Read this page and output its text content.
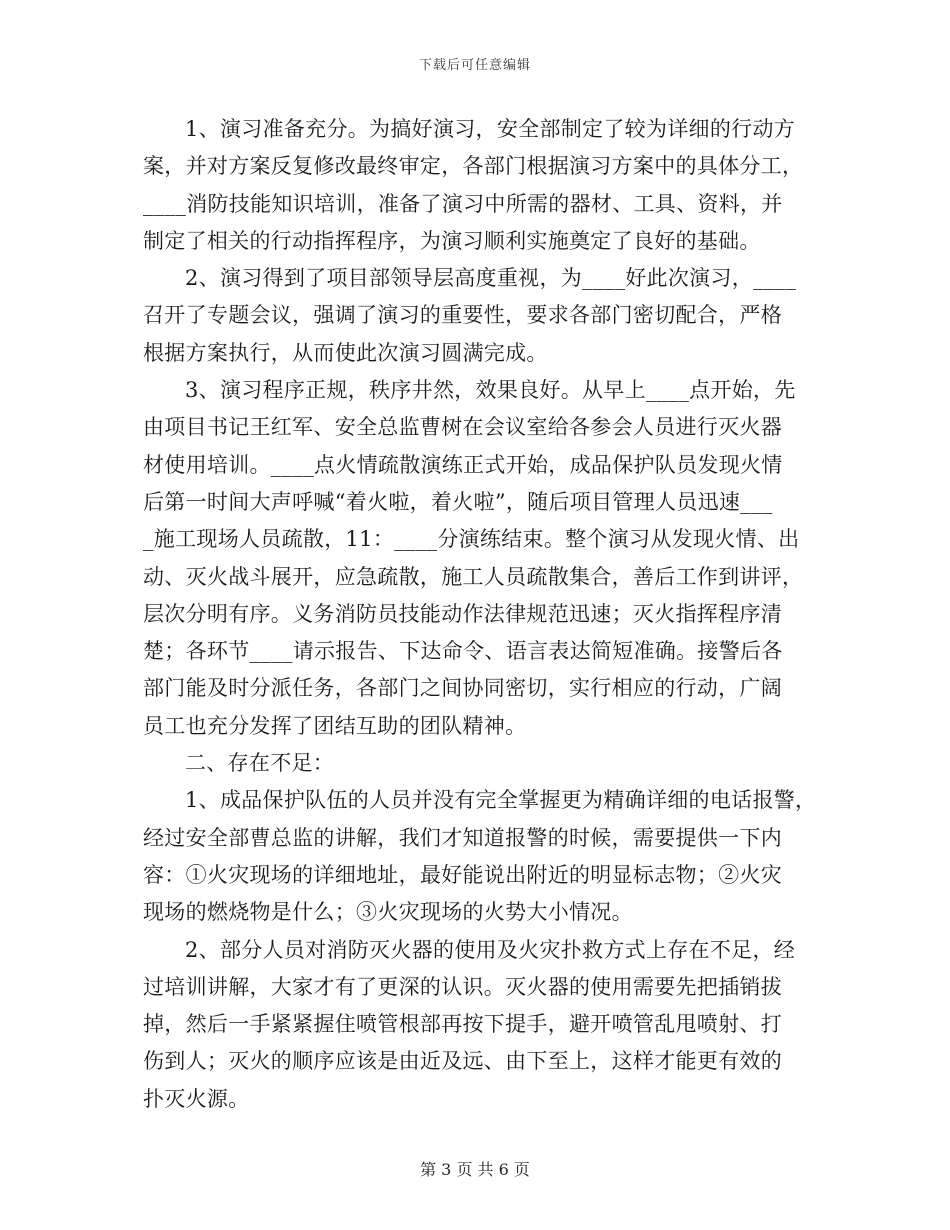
下载后可任意编辑
1、演习准备充分。为搞好演习，安全部制定了较为详细的行动方
案，并对方案反复修改最终审定，各部门根据演习方案中的具体分工，
____消防技能知识培训，准备了演习中所需的器材、工具、资料，并
制定了相关的行动指挥程序，为演习顺利实施奠定了良好的基础。
2、演习得到了项目部领导层高度重视，为____好此次演习，____
召开了专题会议，强调了演习的重要性，要求各部门密切配合，严格
根据方案执行，从而使此次演习圆满完成。
3、演习程序正规，秩序井然，效果良好。从早上____点开始，先
由项目书记王红军、安全总监曹树在会议室给各参会人员进行灭火器
材使用培训。____点火情疏散演练正式开始，成品保护队员发现火情
后第一时间大声呼喊“着火啦，着火啦”，随后项目管理人员迅速___
_施工现场人员疏散，11：____分演练结束。整个演习从发现火情、出
动、灭火战斗展开，应急疏散，施工人员疏散集合，善后工作到讲评，
层次分明有序。义务消防员技能动作法律规范迅速；灭火指挥程序清
楚；各环节____请示报告、下达命令、语言表达简短准确。接警后各
部门能及时分派任务，各部门之间协同密切，实行相应的行动，广阔
员工也充分发挥了团结互助的团队精神。
二、存在不足：
1、成品保护队伍的人员并没有完全掌握更为精确详细的电话报警，
经过安全部曹总监的讲解，我们才知道报警的时候，需要提供一下内
容：①火灾现场的详细地址，最好能说出附近的明显标志物；②火灾
现场的燃烧物是什么；③火灾现场的火势大小情况。
2、部分人员对消防灭火器的使用及火灾扑救方式上存在不足，经
过培训讲解，大家才有了更深的认识。灭火器的使用需要先把插销拔
掉，然后一手紧紧握住喷管根部再按下提手，避开喷管乱甩喷射、打
伤到人；灭火的顺序应该是由近及远、由下至上，这样才能更有效的
扑灭火源。
第 3 页 共 6 页
